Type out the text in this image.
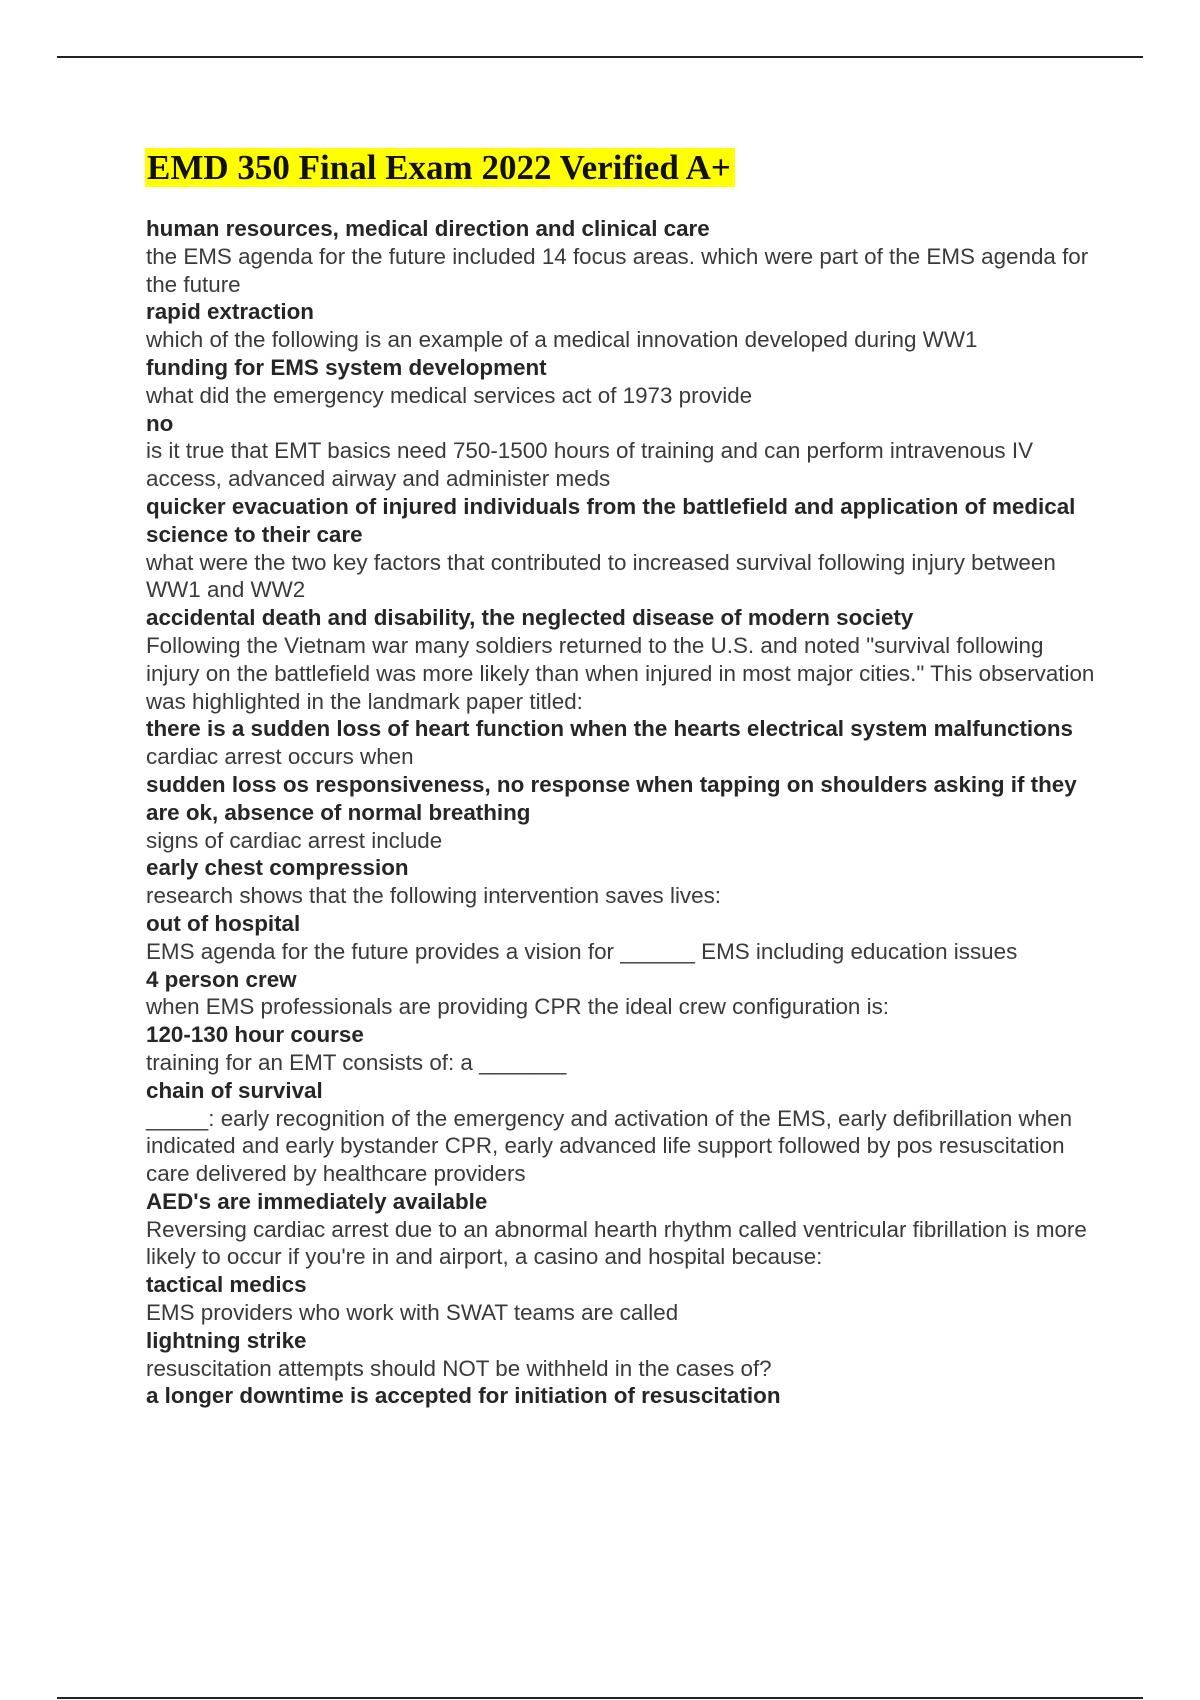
EMD 350 Final Exam 2022 Verified A+
human resources, medical direction and clinical care
the EMS agenda for the future included 14 focus areas. which were part of the EMS agenda for the future
rapid extraction
which of the following is an example of a medical innovation developed during WW1
funding for EMS system development
what did the emergency medical services act of 1973 provide
no
is it true that EMT basics need 750-1500 hours of training and can perform intravenous IV access, advanced airway and administer meds
quicker evacuation of injured individuals from the battlefield and application of medical science to their care
what were the two key factors that contributed to increased survival following injury between WW1 and WW2
accidental death and disability, the neglected disease of modern society
Following the Vietnam war many soldiers returned to the U.S. and noted "survival following injury on the battlefield was more likely than when injured in most major cities." This observation was highlighted in the landmark paper titled:
there is a sudden loss of heart function when the hearts electrical system malfunctions
cardiac arrest occurs when
sudden loss os responsiveness, no response when tapping on shoulders asking if they are ok, absence of normal breathing
signs of cardiac arrest include
early chest compression
research shows that the following intervention saves lives:
out of hospital
EMS agenda for the future provides a vision for ______ EMS including education issues
4 person crew
when EMS professionals are providing CPR the ideal crew configuration is:
120-130 hour course
training for an EMT consists of: a _______
chain of survival
_____: early recognition of the emergency and activation of the EMS, early defibrillation when indicated and early bystander CPR, early advanced life support followed by pos resuscitation care delivered by healthcare providers
AED's are immediately available
Reversing cardiac arrest due to an abnormal hearth rhythm called ventricular fibrillation is more likely to occur if you're in and airport, a casino and hospital because:
tactical medics
EMS providers who work with SWAT teams are called
lightning strike
resuscitation attempts should NOT be withheld in the cases of?
a longer downtime is accepted for initiation of resuscitation
